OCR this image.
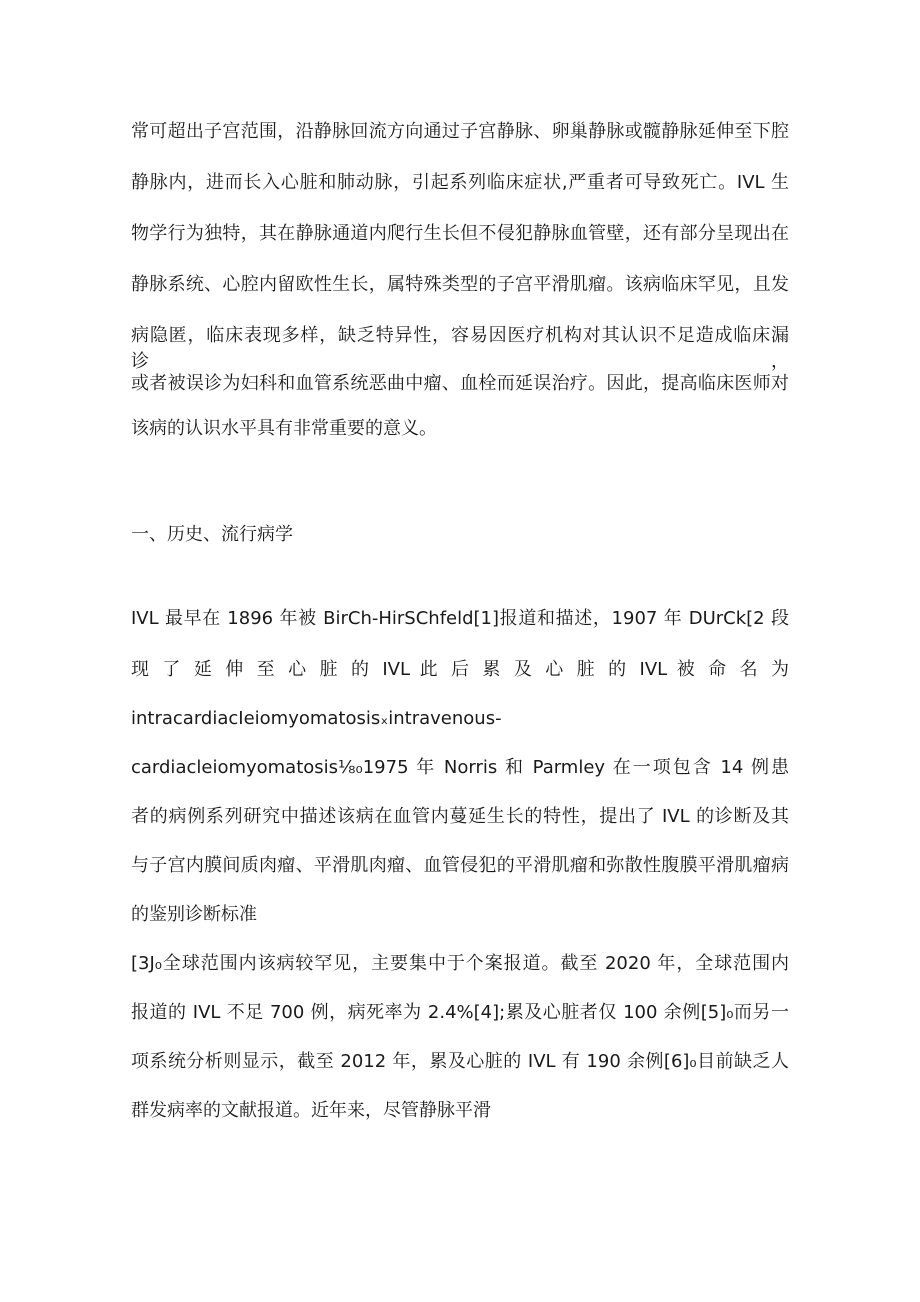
常可超出子宫范围，沿静脉回流方向通过子宫静脉、卵巢静脉或髋静脉延伸至下腔
静脉内，进而长入心脏和肺动脉，引起系列临床症状,严重者可导致死亡。IVL 生
物学行为独特，其在静脉通道内爬行生长但不侵犯静脉血管壁，还有部分呈现出在
静脉系统、心腔内留欧性生长，属特殊类型的子宫平滑肌瘤。该病临床罕见，且发
病隐匿，临床表现多样，缺乏特异性，容易因医疗机构对其认识不足造成临床漏诊，
或者被误诊为妇科和血管系统恶曲中瘤、血栓而延误治疗。因此，提高临床医师对
该病的认识水平具有非常重要的意义。
一、历史、流行病学
IVL 最早在 1896 年被 BirCh-HirSChfeld[1]报道和描述，1907 年 DUrCk[2 段
现 了 延 伸 至 心 脏 的 IVL 此 后 累 及 心 脏 的 IVL 被 命 名 为
intracardiacIeiomyomatosisₓintravenous-
cardiacleiomyomatosis⅛₀1975 年 Norris 和 Parmley 在一项包含 14 例患
者的病例系列研究中描述该病在血管内蔓延生长的特性，提出了 IVL 的诊断及其
与子宫内膜间质肉瘤、平滑肌肉瘤、血管侵犯的平滑肌瘤和弥散性腹膜平滑肌瘤病
的鉴别诊断标准
[3J₀全球范围内该病较罕见，主要集中于个案报道。截至 2020 年，全球范围内
报道的 IVL 不足 700 例，病死率为 2.4%[4];累及心脏者仅 100 余例[5]₀而另一
项系统分析则显示，截至 2012 年，累及心脏的 IVL 有 190 余例[6]₀目前缺乏人
群发病率的文献报道。近年来，尽管静脉平滑
